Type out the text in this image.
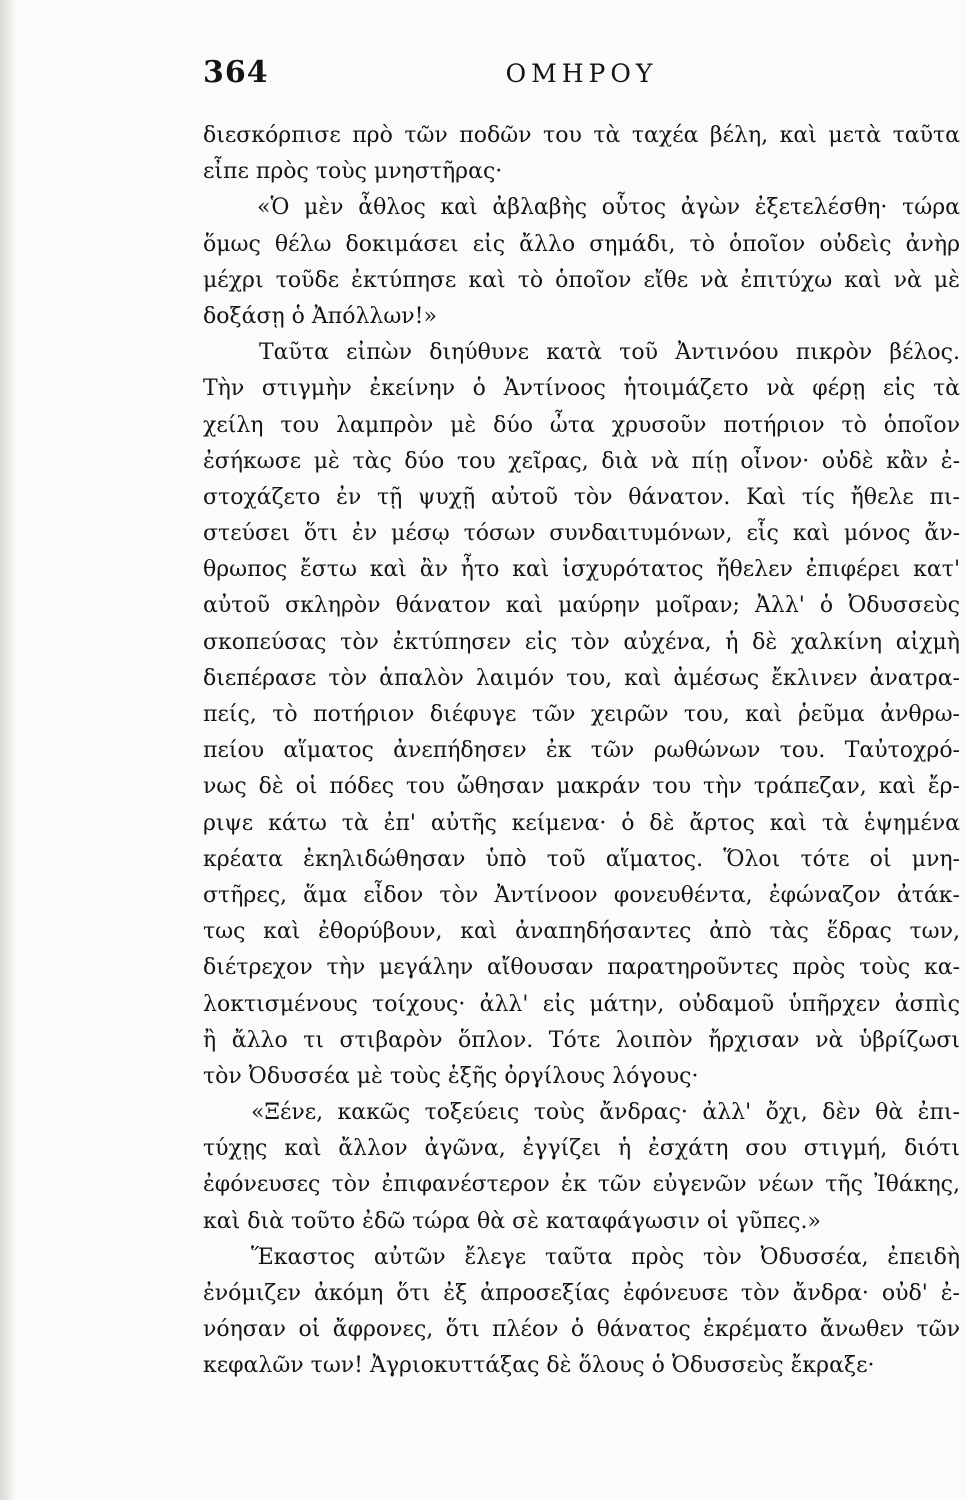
364	ΟΜΗΡΟΥ
διεσκόρπισε πρὸ τῶν ποδῶν του τὰ ταχέα βέλη, καὶ μετὰ ταῦτα
εἶπε πρὸς τοὺς μνηστῆρας·
«Ὁ μὲν ἆθλος καὶ ἀβλαβὴς οὗτος ἀγὼν ἐξετελέσθη· τώρα
ὅμως θέλω δοκιμάσει εἰς ἄλλο σημάδι, τὸ ὁποῖον οὐδεὶς ἀνὴρ
μέχρι τοῦδε ἐκτύπησε καὶ τὸ ὁποῖον εἴθε νὰ ἐπιτύχω καὶ νὰ μὲ
δοξάσῃ ὁ Ἀπόλλων!»
Ταῦτα εἰπὼν διηύθυνε κατὰ τοῦ Ἀντινόου πικρὸν βέλος.
Τὴν στιγμὴν ἐκείνην ὁ Ἀντίνοος ἡτοιμάζετο νὰ φέρῃ εἰς τὰ
χείλη του λαμπρὸν μὲ δύο ὦτα χρυσοῦν ποτήριον τὸ ὁποῖον
ἐσήκωσε μὲ τὰς δύο του χεῖρας, διὰ νὰ πίῃ οἶνον· οὐδὲ κἂν ἐ-
στοχάζετο ἐν τῇ ψυχῇ αὐτοῦ τὸν θάνατον. Καὶ τίς ἤθελε πι-
στεύσει ὅτι ἐν μέσῳ τόσων συνδαιτυμόνων, εἷς καὶ μόνος ἄν-
θρωπος ἔστω καὶ ἂν ἦτο καὶ ἰσχυρότατος ἤθελεν ἐπιφέρει κατ'
αὐτοῦ σκληρὸν θάνατον καὶ μαύρην μοῖραν; Ἀλλ' ὁ Ὀδυσσεὺς
σκοπεύσας τὸν ἐκτύπησεν εἰς τὸν αὐχένα, ἡ δὲ χαλκίνη αἰχμὴ
διεπέρασε τὸν ἁπαλὸν λαιμόν του, καὶ ἀμέσως ἔκλινεν ἀνατρα-
πείς, τὸ ποτήριον διέφυγε τῶν χειρῶν του, καὶ ῥεῦμα ἀνθρω-
πείου αἵματος ἀνεπήδησεν ἐκ τῶν ρωθώνων του. Ταὐτοχρό-
νως δὲ οἱ πόδες του ὤθησαν μακράν του τὴν τράπεζαν, καὶ ἔρ-
ριψε κάτω τὰ ἐπ' αὐτῆς κείμενα· ὁ δὲ ἄρτος καὶ τὰ ἑψημένα
κρέατα ἐκηλιδώθησαν ὑπὸ τοῦ αἵματος. Ὅλοι τότε οἱ μνη-
στῆρες, ἅμα εἶδον τὸν Ἀντίνοον φονευθέντα, ἐφώναζον ἀτάκ-
τως καὶ ἐθορύβουν, καὶ ἀναπηδήσαντες ἀπὸ τὰς ἕδρας των,
διέτρεχον τὴν μεγάλην αἴθουσαν παρατηροῦντες πρὸς τοὺς κα-
λοκτισμένους τοίχους· ἀλλ' εἰς μάτην, οὐδαμοῦ ὑπῆρχεν ἀσπὶς
ἢ ἄλλο τι στιβαρὸν ὅπλον. Τότε λοιπὸν ἤρχισαν νὰ ὑβρίζωσι
τὸν Ὀδυσσέα μὲ τοὺς ἑξῆς ὀργίλους λόγους·
«Ξένε, κακῶς τοξεύεις τοὺς ἄνδρας· ἀλλ' ὄχι, δὲν θὰ ἐπι-
τύχῃς καὶ ἄλλον ἀγῶνα, ἐγγίζει ἡ ἐσχάτη σου στιγμή, διότι
ἐφόνευσες τὸν ἐπιφανέστερον ἐκ τῶν εὐγενῶν νέων τῆς Ἰθάκης,
καὶ διὰ τοῦτο ἐδῶ τώρα θὰ σὲ καταφάγωσιν οἱ γῦπες.»
Ἕκαστος αὐτῶν ἔλεγε ταῦτα πρὸς τὸν Ὀδυσσέα, ἐπειδὴ
ἐνόμιζεν ἀκόμη ὅτι ἐξ ἀπροσεξίας ἐφόνευσε τὸν ἄνδρα· οὐδ' ἐ-
νόησαν οἱ ἄφρονες, ὅτι πλέον ὁ θάνατος ἐκρέματο ἄνωθεν τῶν
κεφαλῶν των! Ἀγριοκυττάξας δὲ ὅλους ὁ Ὀδυσσεὺς ἔκραξε·
